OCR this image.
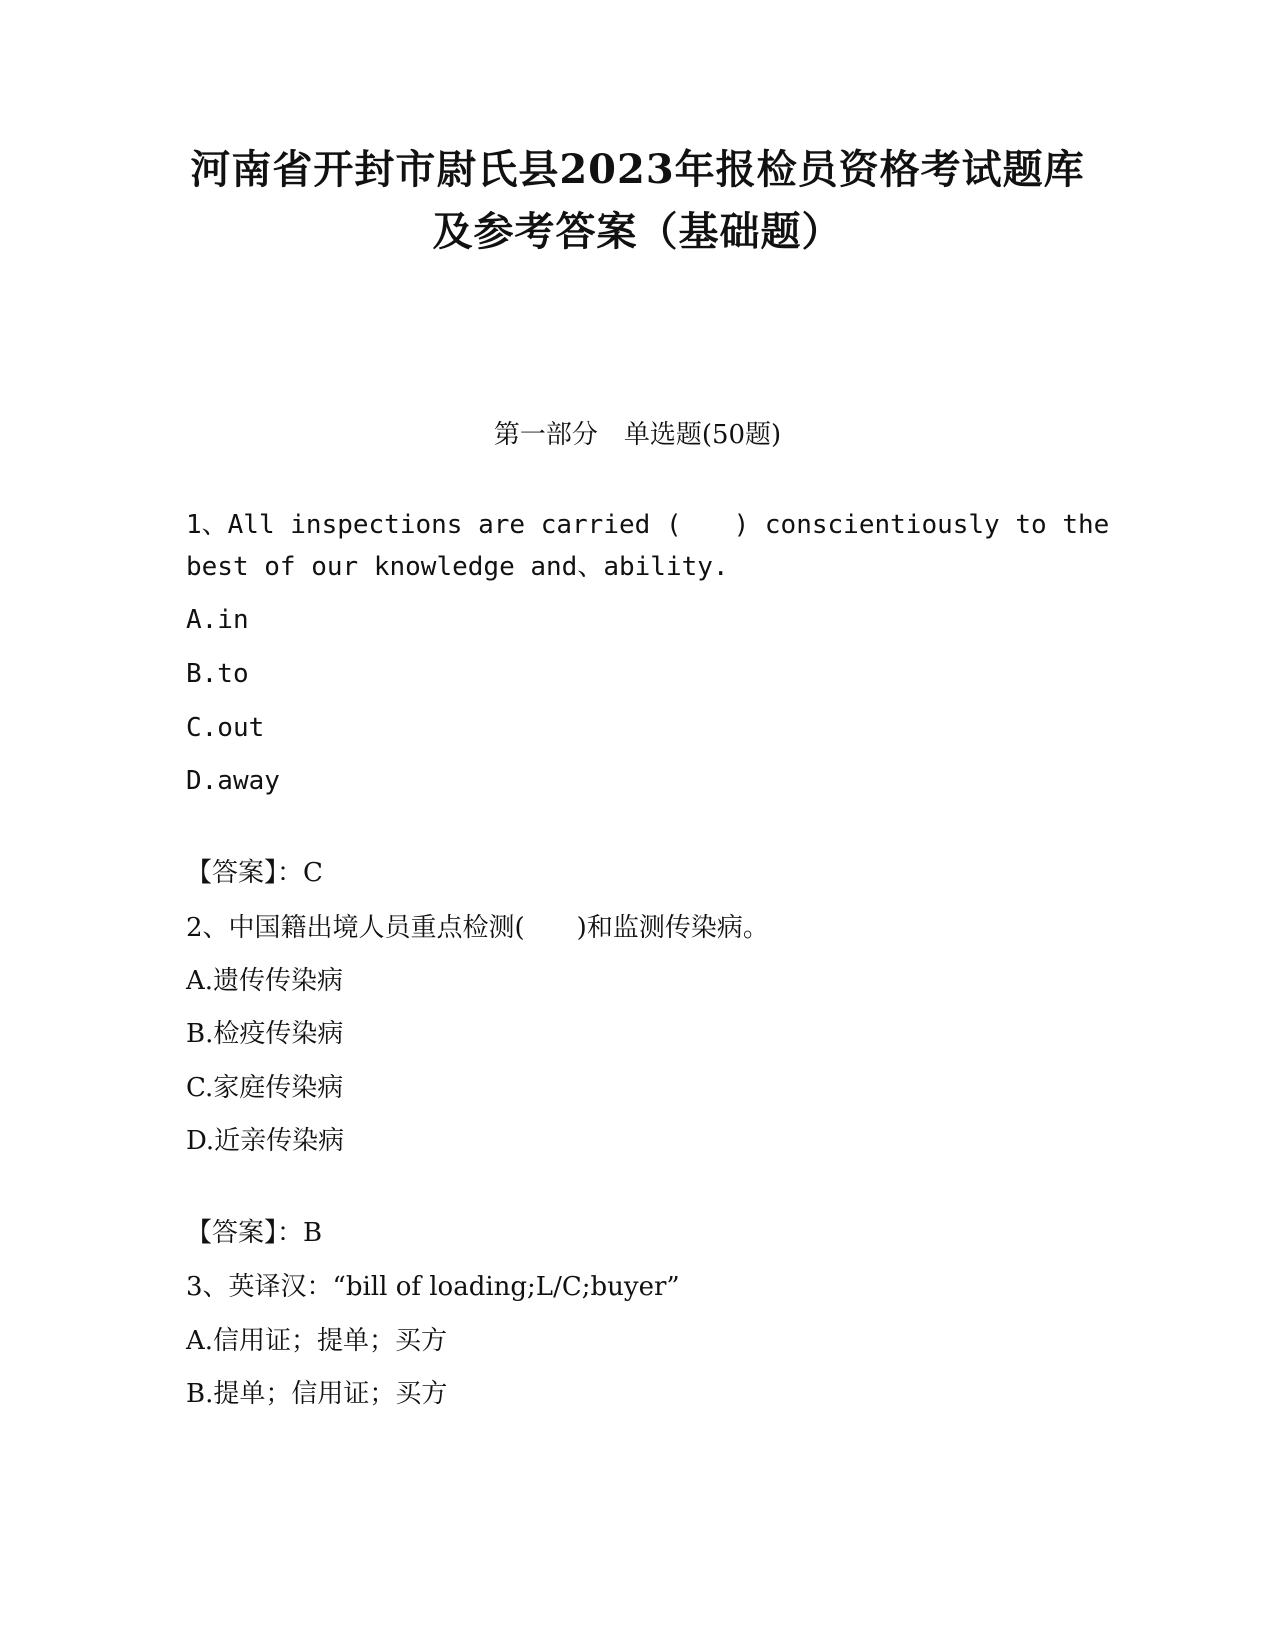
河南省开封市尉氏县2023年报检员资格考试题库
及参考答案（基础题）
第一部分　单选题(50题)
1、All inspections are carried (　　) conscientiously to the
best of our knowledge and、ability.
A.in
B.to
C.out
D.away
【答案】：C
2、中国籍出境人员重点检测(　　)和监测传染病。
A.遗传传染病
B.检疫传染病
C.家庭传染病
D.近亲传染病
【答案】：B
3、英译汉：“bill of loading;L/C;buyer”
A.信用证；提单；买方
B.提单；信用证；买方
